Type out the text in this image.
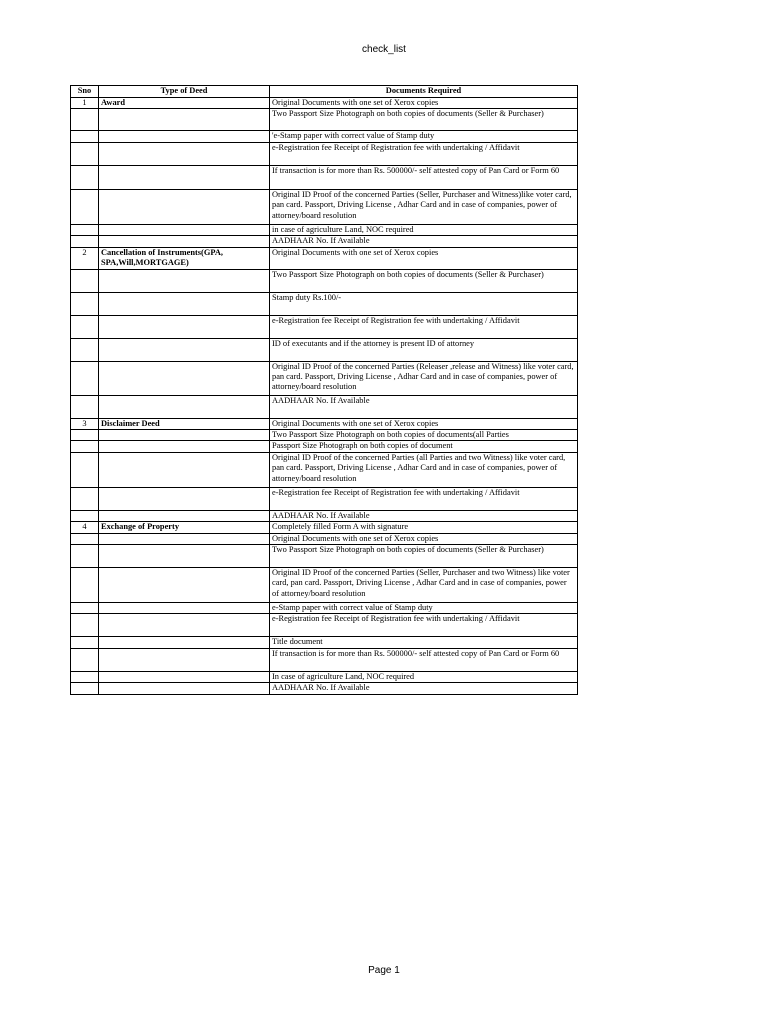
check_list
Sno	Type of Deed	Documents Required
1	Award	Original Documents with one set of Xerox copies
		Two Passport Size Photograph on both copies of documents (Seller & Purchaser)
		'e-Stamp paper with correct value of Stamp duty
		e-Registration fee Receipt of Registration fee with undertaking / Affidavit
		If transaction is for more than Rs. 500000/- self attested copy of Pan Card or Form 60
		Original ID Proof of the concerned Parties (Seller, Purchaser and Witness)like voter card, pan card. Passport, Driving License , Adhar Card and in case of companies, power of attorney/board resolution
		in case of agriculture Land, NOC required
		AADHAAR No. If Available
2	Cancellation of Instruments(GPA, SPA,Will,MORTGAGE)	Original Documents with one set of Xerox copies
		Two Passport Size Photograph on both copies of documents (Seller & Purchaser)
		Stamp duty Rs.100/-
		e-Registration fee Receipt of Registration fee with undertaking / Affidavit
		ID of executants and if the attorney is present ID of attorney
		Original ID Proof of the concerned Parties (Releaser ,release and Witness) like voter card, pan card. Passport, Driving License , Adhar Card and in case of companies, power of attorney/board resolution
		AADHAAR No. If Available
3	Disclaimer Deed	Original Documents with one set of Xerox copies
		Two Passport Size Photograph on both copies of documents(all Parties
		Passport Size Photograph on both copies of document
		Original ID Proof of the concerned Parties (all Parties and two Witness) like voter card, pan card. Passport, Driving License , Adhar Card and in case of companies, power of attorney/board resolution
		e-Registration fee Receipt of Registration fee with undertaking / Affidavit
		AADHAAR No. If Available
4	Exchange of Property	Completely filled Form A with signature
		Original Documents with one set of Xerox copies
		Two Passport Size Photograph on both copies of documents (Seller & Purchaser)
		Original ID Proof of the concerned Parties (Seller, Purchaser and two Witness) like voter card, pan card. Passport, Driving License , Adhar Card and in case of companies, power of attorney/board resolution
		e-Stamp paper with correct value of Stamp duty
		e-Registration fee Receipt of Registration fee with undertaking / Affidavit
		Title document
		If transaction is for more than Rs. 500000/- self attested copy of Pan Card or Form 60
		In case of agriculture Land, NOC required
		AADHAAR No. If Available
Page 1
